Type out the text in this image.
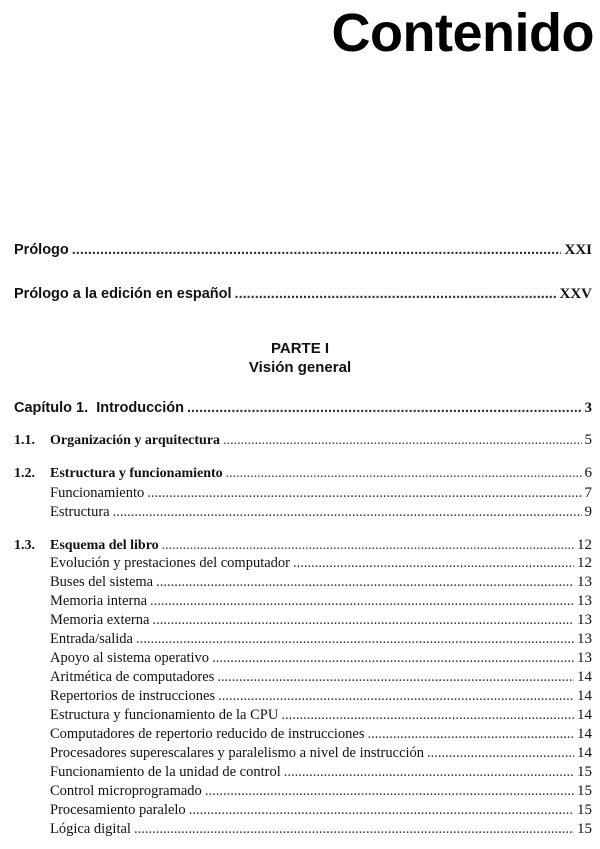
Contenido
Prólogo .....	XXI
Prólogo a la edición en español .....	XXV
PARTE I
Visión general
Capítulo 1. Introducción .....	3
1.1. Organización y arquitectura .....	5
1.2. Estructura y funcionamiento .....	6
Funcionamiento .....	7
Estructura .....	9
1.3. Esquema del libro .....	12
Evolución y prestaciones del computador .....	12
Buses del sistema .....	13
Memoria interna .....	13
Memoria externa .....	13
Entrada/salida .....	13
Apoyo al sistema operativo .....	13
Aritmética de computadores .....	14
Repertorios de instrucciones .....	14
Estructura y funcionamiento de la CPU .....	14
Computadores de repertorio reducido de instrucciones .....	14
Procesadores superescalares y paralelismo a nivel de instrucción .....	14
Funcionamiento de la unidad de control .....	15
Control microprogramado .....	15
Procesamiento paralelo .....	15
Lógica digital .....	15
